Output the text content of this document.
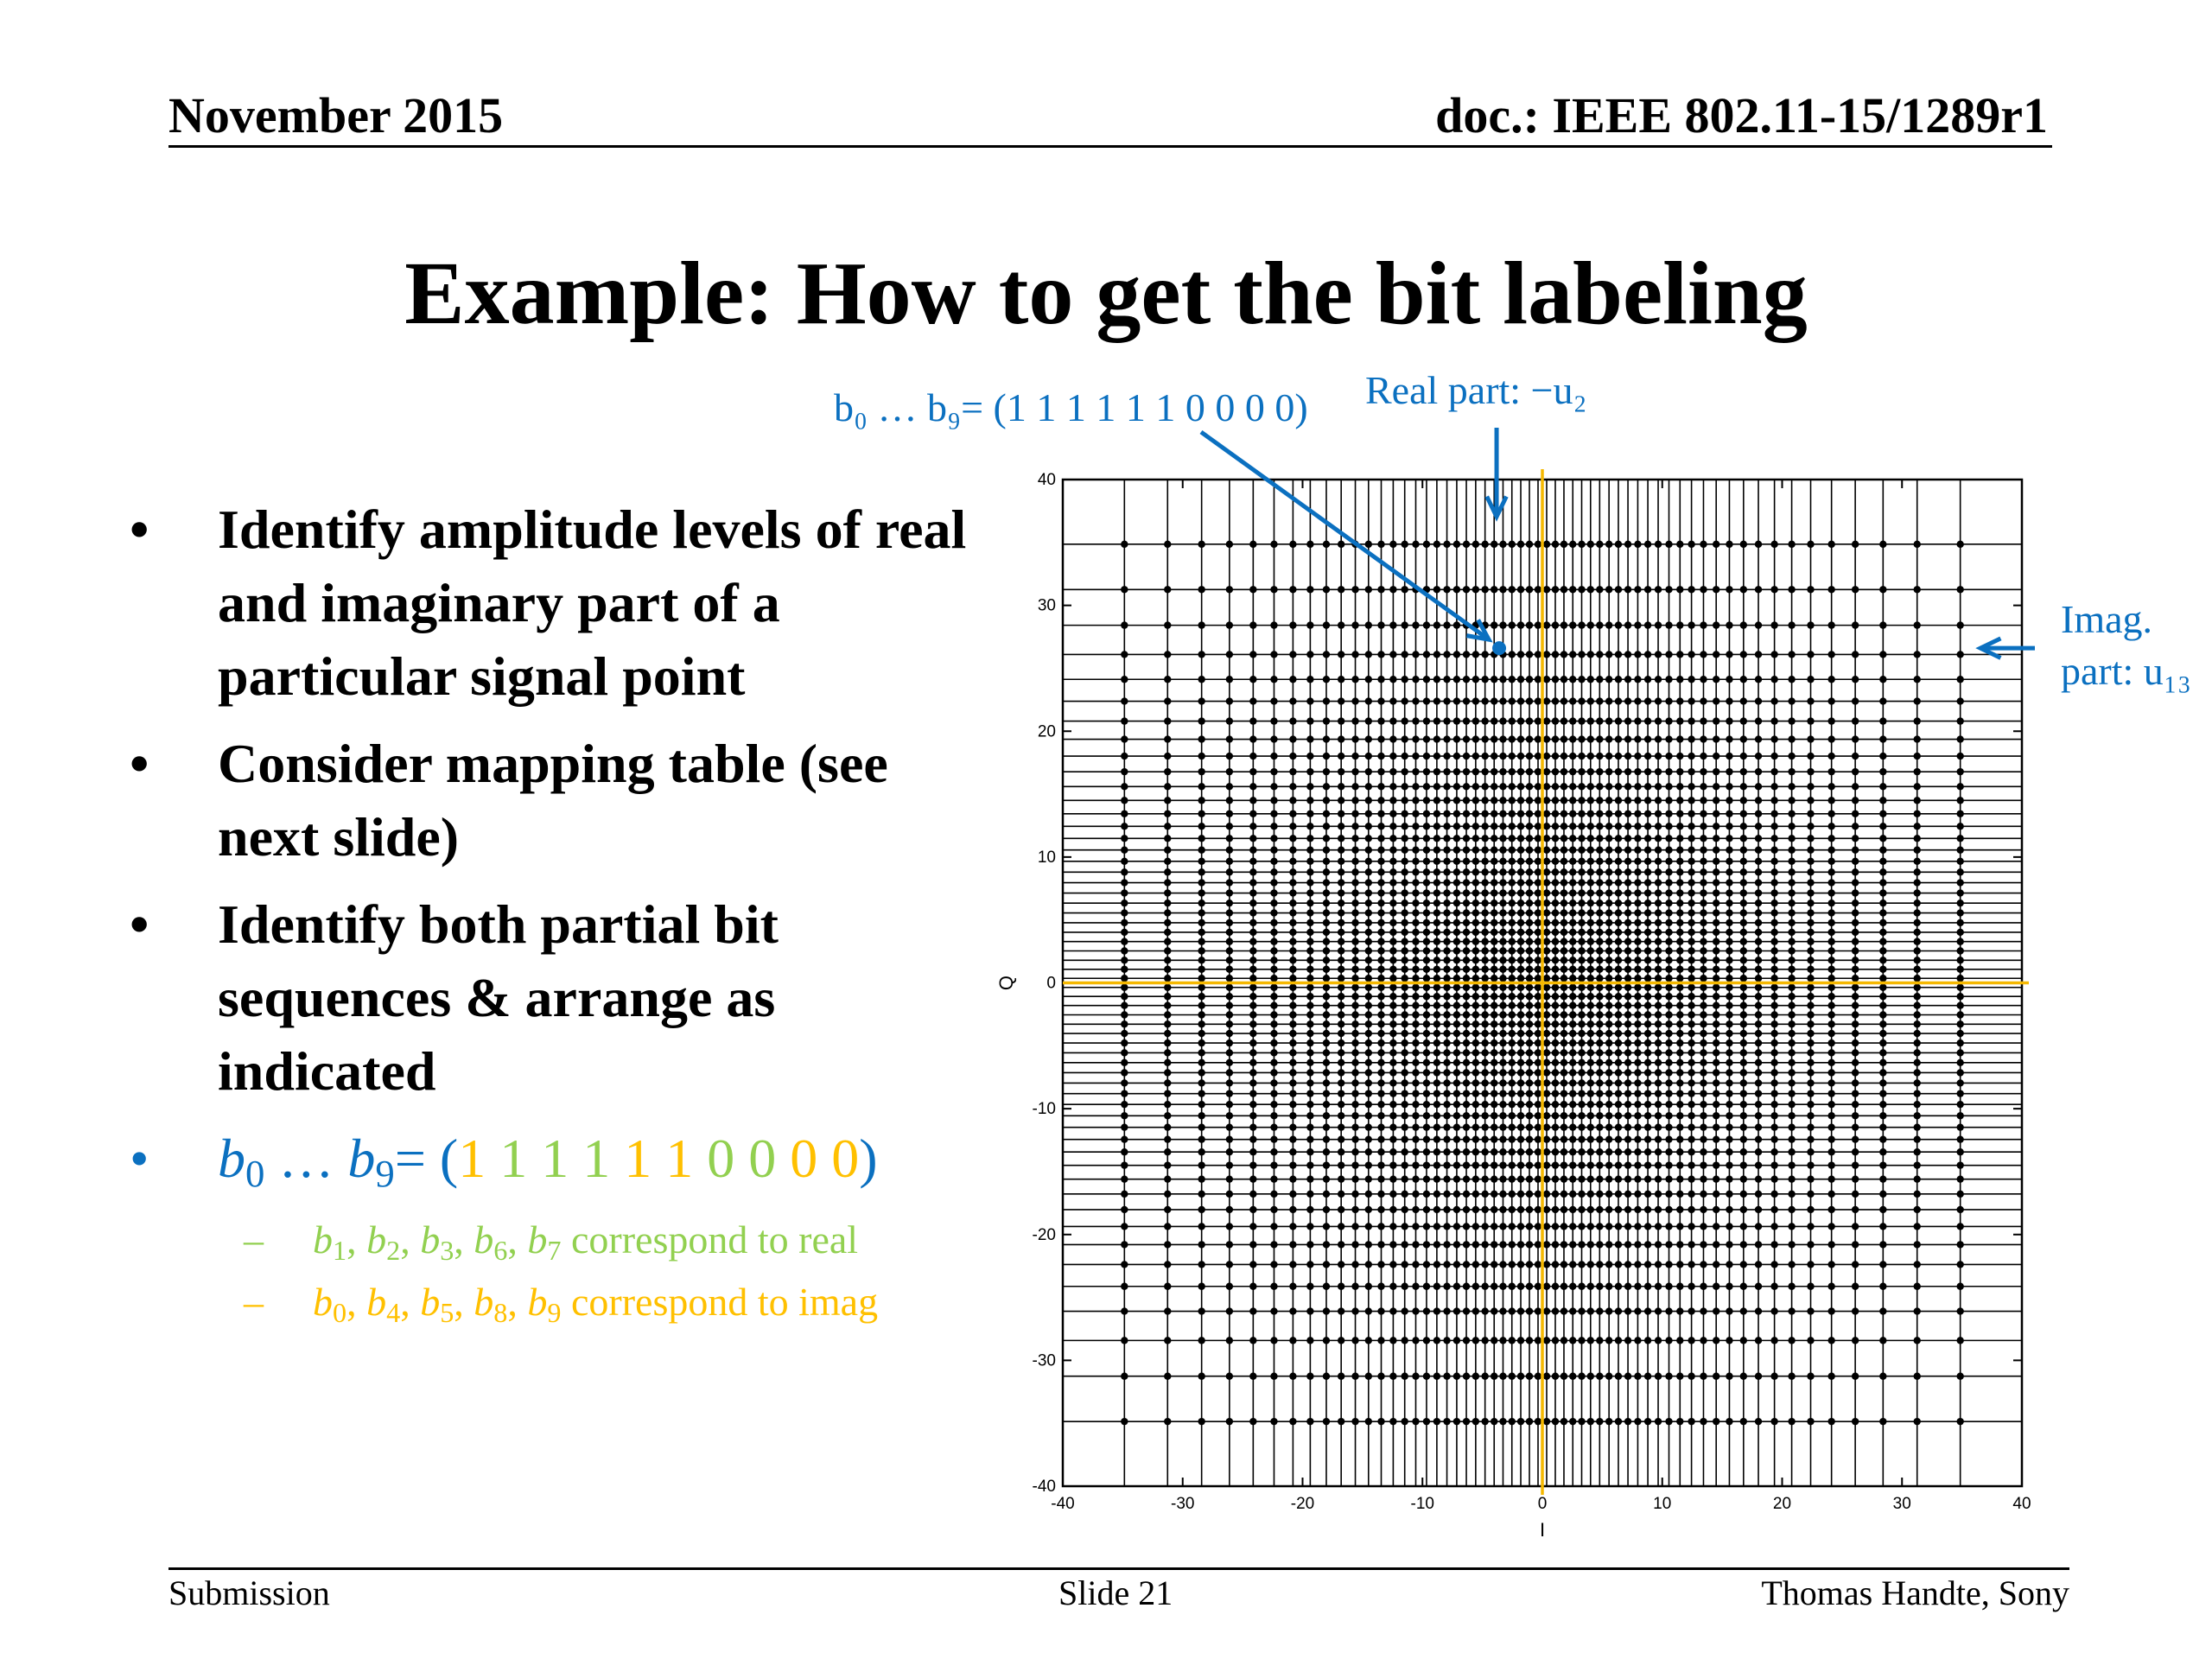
November 2015	doc.: IEEE 802.11-15/1289r1
Example: How to get the bit labeling
• Identify amplitude levels of real and imaginary part of a particular signal point
• Consider mapping table (see next slide)
• Identify both partial bit sequences & arrange as indicated
• $b_0$ … $b_9= (1$ 1 1 1 1 1 0 0 0 0)
– $b_1$, $b_2$, $b_3$, $b_6$, $b_7$ correspond to real
– $b_0$, $b_4$, $b_5$, $b_8$, $b_9$ correspond to imag
-40	-30	-20	-10	0	10	20	30	40
-40
-30
-20
-10
0
10
20
30
40
I
Q
b₀ … b₉= (1 1 1 1 1 1 0 0 0 0) Real part: −u₂
Imag.
part: u₁₃
Submission	Slide 21	Thomas Handte, Sony
